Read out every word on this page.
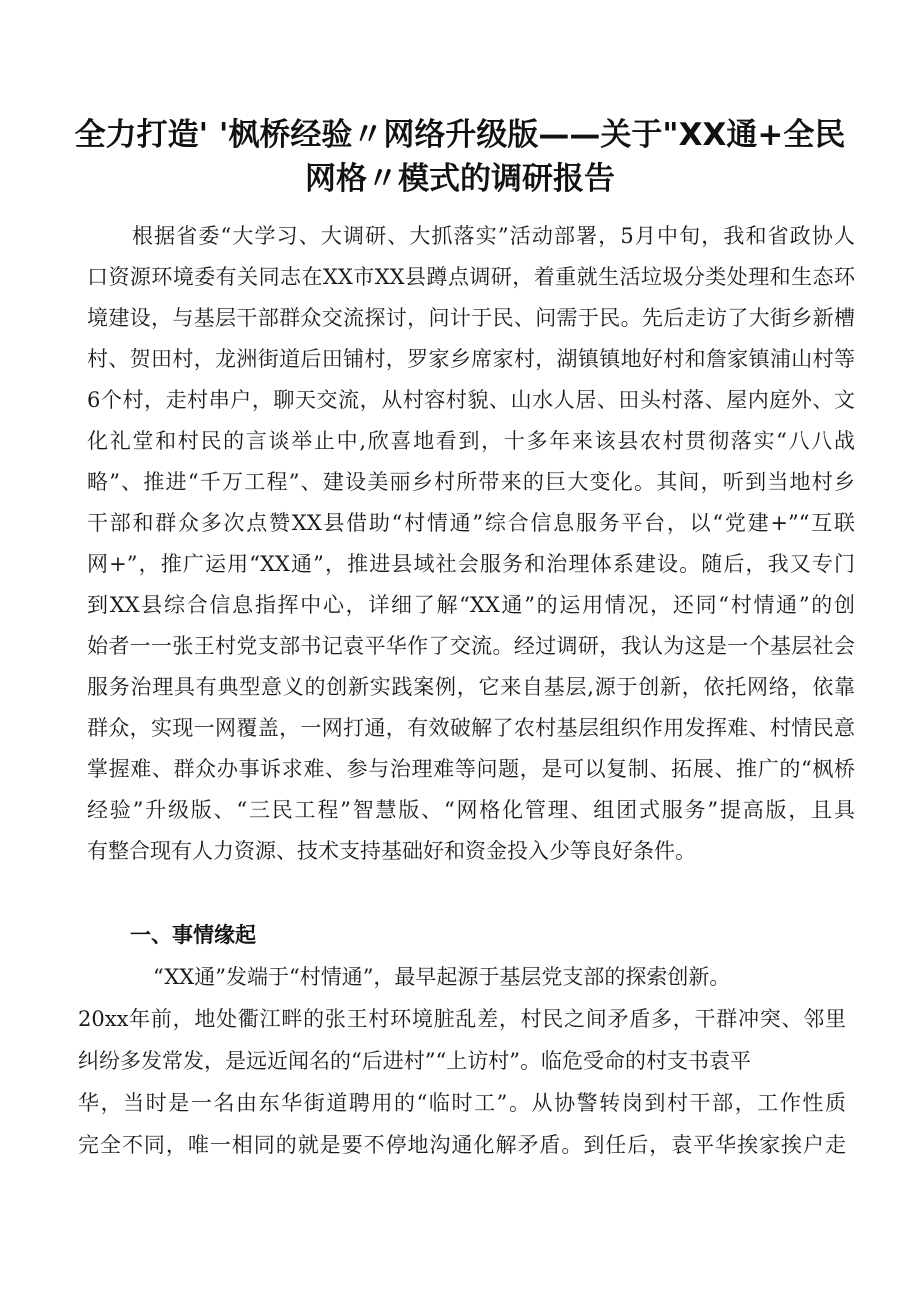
全力打造' '枫桥经验〃网络升级版——关于"XX通+全民
网格〃模式的调研报告

根据省委“大学习、大调研、大抓落实”活动部署，5月中旬，我和省政协人

口资源环境委有关同志在XX市XX县蹲点调研，着重就生活垃圾分类处理和生态环

境建设，与基层干部群众交流探讨，问计于民、问需于民。先后走访了大街乡新槽

村、贺田村，龙洲街道后田铺村，罗家乡席家村，湖镇镇地好村和詹家镇浦山村等

6个村，走村串户，聊天交流，从村容村貌、山水人居、田头村落、屋内庭外、文

化礼堂和村民的言谈举止中,欣喜地看到，十多年来该县农村贯彻落实“八八战

略”、推进“千万工程”、建设美丽乡村所带来的巨大变化。其间，听到当地村乡

干部和群众多次点赞XX县借助“村情通”综合信息服务平台，以“党建+”“互联

网+”，推广运用“XX通”，推进县域社会服务和治理体系建设。随后，我又专门

到XX县综合信息指挥中心，详细了解“XX通”的运用情况，还同“村情通”的创

始者一一张王村党支部书记袁平华作了交流。经过调研，我认为这是一个基层社会

服务治理具有典型意义的创新实践案例，它来自基层,源于创新，依托网络，依靠

群众，实现一网覆盖，一网打通，有效破解了农村基层组织作用发挥难、村情民意

掌握难、群众办事诉求难、参与治理难等问题，是可以复制、拓展、推广的“枫桥

经验”升级版、“三民工程”智慧版、“网格化管理、组团式服务”提高版，且具

有整合现有人力资源、技术支持基础好和资金投入少等良好条件。

一、事情缘起

“XX通”发端于“村情通”，最早起源于基层党支部的探索创新。

20xx年前，地处衢江畔的张王村环境脏乱差，村民之间矛盾多，干群冲突、邻里

纠纷多发常发，是远近闻名的“后进村”“上访村”。临危受命的村支书袁平

华，当时是一名由东华街道聘用的“临时工”。从协警转岗到村干部，工作性质

完全不同，唯一相同的就是要不停地沟通化解矛盾。到任后，袁平华挨家挨户走
